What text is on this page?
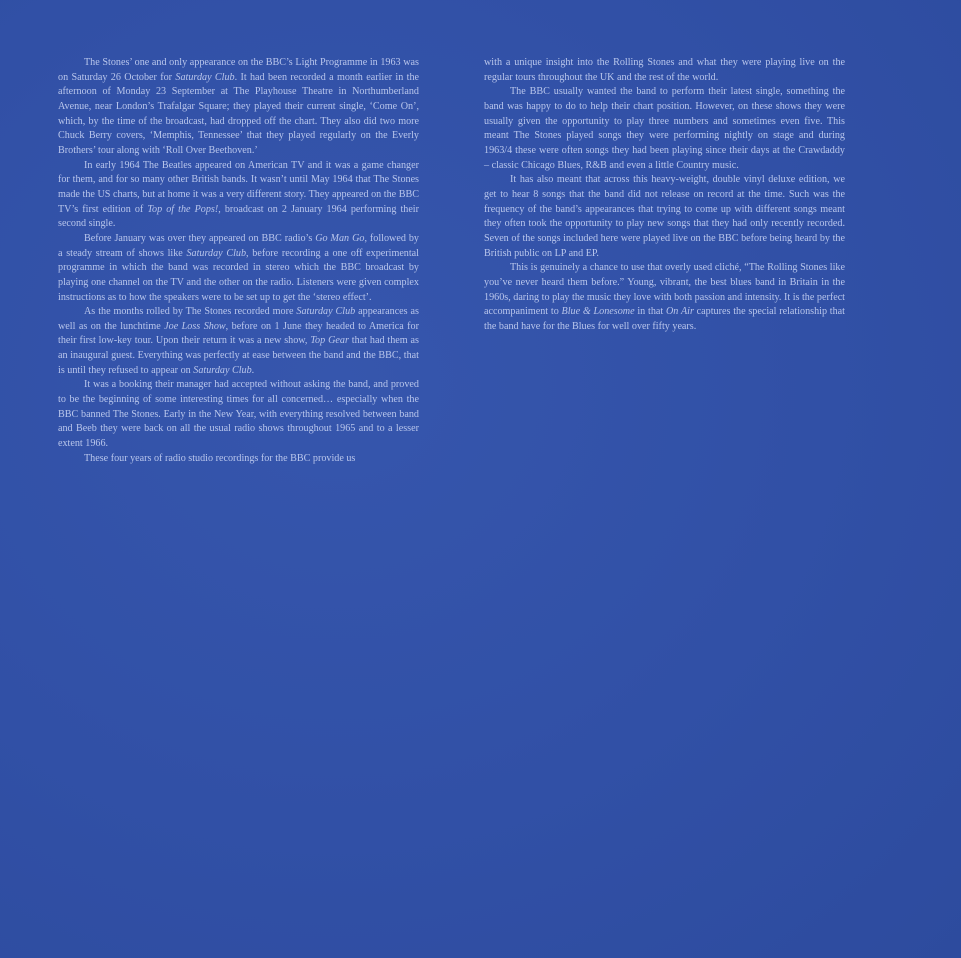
The Stones’ one and only appearance on the BBC’s Light Programme in 1963 was on Saturday 26 October for Saturday Club. It had been recorded a month earlier in the afternoon of Monday 23 September at The Playhouse Theatre in Northumberland Avenue, near London’s Trafalgar Square; they played their current single, ‘Come On’, which, by the time of the broadcast, had dropped off the chart. They also did two more Chuck Berry covers, ‘Memphis, Tennessee’ that they played regularly on the Everly Brothers’ tour along with ‘Roll Over Beethoven.’

In early 1964 The Beatles appeared on American TV and it was a game changer for them, and for so many other British bands. It wasn’t until May 1964 that The Stones made the US charts, but at home it was a very different story. They appeared on the BBC TV’s first edition of Top of the Pops!, broadcast on 2 January 1964 performing their second single.

Before January was over they appeared on BBC radio’s Go Man Go, followed by a steady stream of shows like Saturday Club, before recording a one off experimental programme in which the band was recorded in stereo which the BBC broadcast by playing one channel on the TV and the other on the radio. Listeners were given complex instructions as to how the speakers were to be set up to get the ‘stereo effect’.

As the months rolled by The Stones recorded more Saturday Club appearances as well as on the lunchtime Joe Loss Show, before on 1 June they headed to America for their first low-key tour. Upon their return it was a new show, Top Gear that had them as an inaugural guest. Everything was perfectly at ease between the band and the BBC, that is until they refused to appear on Saturday Club.

It was a booking their manager had accepted without asking the band, and proved to be the beginning of some interesting times for all concerned… especially when the BBC banned The Stones. Early in the New Year, with everything resolved between band and Beeb they were back on all the usual radio shows throughout 1965 and to a lesser extent 1966.

These four years of radio studio recordings for the BBC provide us

with a unique insight into the Rolling Stones and what they were playing live on the regular tours throughout the UK and the rest of the world.

The BBC usually wanted the band to perform their latest single, something the band was happy to do to help their chart position. However, on these shows they were usually given the opportunity to play three numbers and sometimes even five. This meant The Stones played songs they were performing nightly on stage and during 1963/4 these were often songs they had been playing since their days at the Crawdaddy – classic Chicago Blues, R&B and even a little Country music.

It has also meant that across this heavy-weight, double vinyl deluxe edition, we get to hear 8 songs that the band did not release on record at the time. Such was the frequency of the band’s appearances that trying to come up with different songs meant they often took the opportunity to play new songs that they had only recently recorded. Seven of the songs included here were played live on the BBC before being heard by the British public on LP and EP.

This is genuinely a chance to use that overly used cliché, “The Rolling Stones like you’ve never heard them before.” Young, vibrant, the best blues band in Britain in the 1960s, daring to play the music they love with both passion and intensity. It is the perfect accompaniment to Blue & Lonesome in that On Air captures the special relationship that the band have for the Blues for well over fifty years.
